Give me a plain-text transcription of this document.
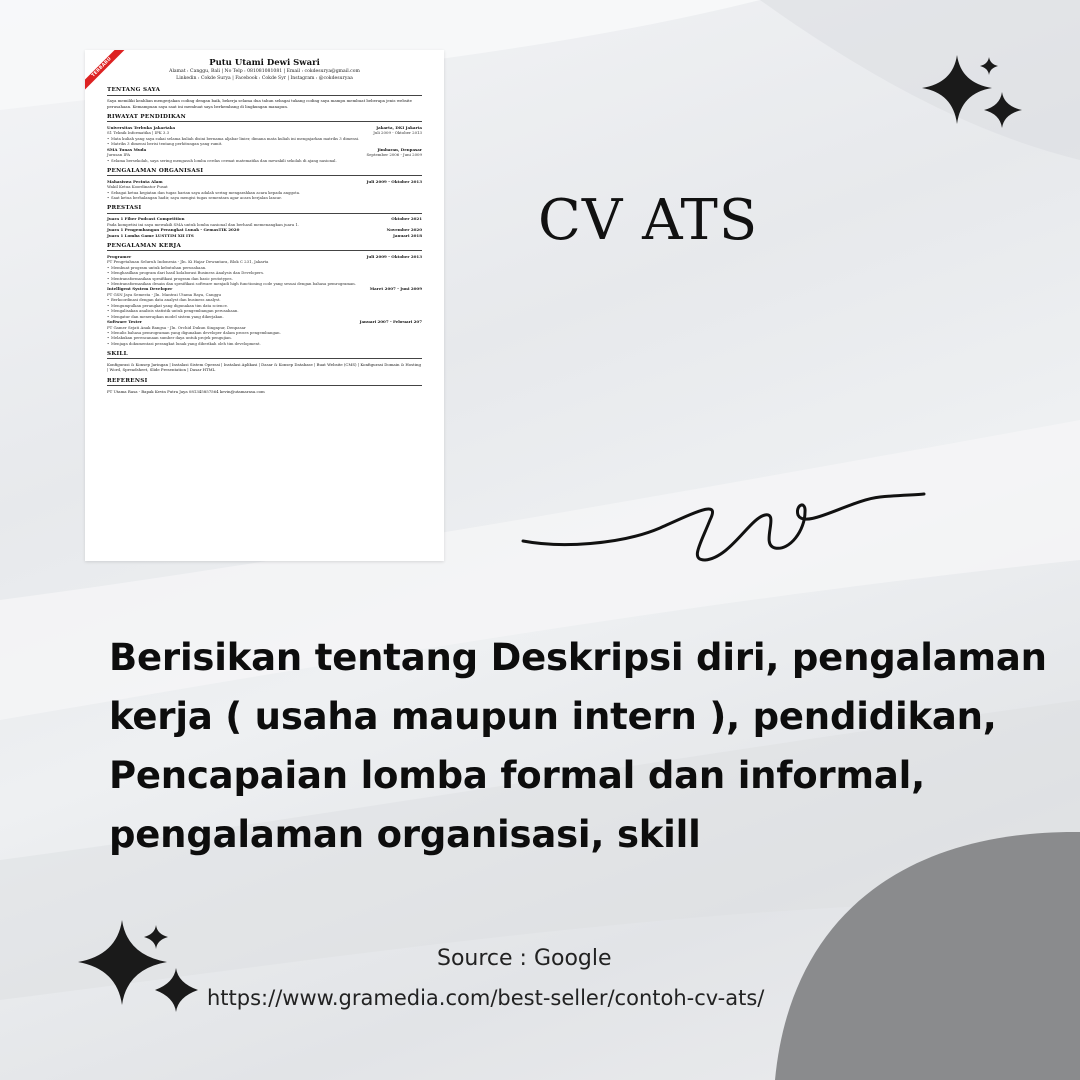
TERBARU	Putu Utami Dewi Swari
Alamat : Canggu, Bali | No Telp : 081081081081 | Email : cokdesurya@gmail.com
Linkedin : Cokde Surya | Facebook : Cokde Syr | Instagram : @cokdesuryaa
TENTANG SAYA
Saya memiliki keahlian mengerjakan coding dengan baik, bekerja selama dua tahun sebagai tukang coding saya mampu membuat beberapa jenis website perusahaan. Kemampuan saya saat ini membuat saya berkembang di lingkungan manapun.
RIWAYAT PENDIDIKAN
Universitas Terbuka Jakartaka	Jakarta, DKI Jakarta
S1 Teknik Informatika | IPK 3.3	Juli 2009 - Oktober 2013
• Mata kuliah yang saya sukai selama kuliah disini bernama aljabar linier, dimana mata kuliah ini mengajarkan matriks 3 dimensi.
• Matriks 3 dimensi berisi tentang perhitungan yang rumit.
SMA Tunas Muda	Jimbaran, Denpasar
Jurusan IPA	September 2006 - Juni 2009
• Selama bersekolah, saya sering mengasuh lomba cerdas cermat matematika dan mewakili sekolah di ajang nasional.
PENGALAMAN ORGANISASI
Mahasiswa Pecinta Alam	Juli 2009 - Oktober 2013
Wakil Ketua Koordinator Pusat
• Sebagai ketua kegiatan dan tugas harian saya adalah sering mengarahkan acara kepada anggota.
• Saat ketua berhalangan hadir, saya mengisi tugas sementara agar acara berjalan lancar.
PRESTASI
Juara 1 Fiber Podcast Competition	Oktober 2021
Pada kompetisi ini saya mewakili SMA untuk lomba nasional dan berhasil memenangkan juara 1.
Juara 1 Pengembangan Perangkat Lunak - GemasTIK 2020	November 2020
Juara 1 Lomba Game LUSTTIM XII ITS	Januari 2018
PENGALAMAN KERJA
Programer	Juli 2009 - Oktober 2013
PT Pengetahuan Seluruh Indonesia - Jln. Ki Hajar Dewantara, Blok C 231, Jakarta
• Membuat program untuk kebutuhan perusahaan.
• Menghasilkan program dari hasil kolaborasi Business Analysis dan Developers.
• Mentransformasikan spesifikasi program dan basic prototypes.
• Mentransformasikan desain dan spesifikasi software menjadi high functioning code yang sesuai dengan bahasa pemrograman.
Intelligent System Developer	Maret 2007 - Juni 2009
PT GSN Jaya Semesta - Jln. Mantrai Utama Raya, Canggu
• Berkoordinasi dengan data analyst dan business analyst.
• Mengumpulkan perangkat yang digunakan tim data science.
• Mengalisakan analisis statistik untuk pengembangan perusahaan.
• Mengatur dan menerapkan model sistem yang dikerjakan.
Software Tester	Januari 2007 - Februari 207
PT Gamer Sejati Anak Bangsa - Jln. Orchid Dukun Singapur, Denpasar
• Menulis bahasa pemrograman yang digunakan developer dalam proses pengembangan.
• Melakukan perencanaan sumber daya untuk projek pengujian.
• Menjaga dokumentasi perangkat lunak yang diberikah oleh tim development.
SKILL
Konfigurasi & Konsep Jaringan | Instalasi Sistem Operasi | Instalasi Aplikasi | Dasar & Konsep Database | Buat Website (CMS) | Konfigurasi Domain & Hosting | Word, Spreadsheet, Slide Presentation | Dasar HTML
REFERENSI
PT Utama Rasa - Bapak Kevin Putra Jaya 081345857564 kevin@utamarasa.com
CV ATS

Berisikan tentang Deskripsi diri, pengalaman kerja ( usaha maupun intern ), pendidikan, Pencapaian lomba formal dan informal, pengalaman organisasi, skill

Source : Google
https://www.gramedia.com/best-seller/contoh-cv-ats/
